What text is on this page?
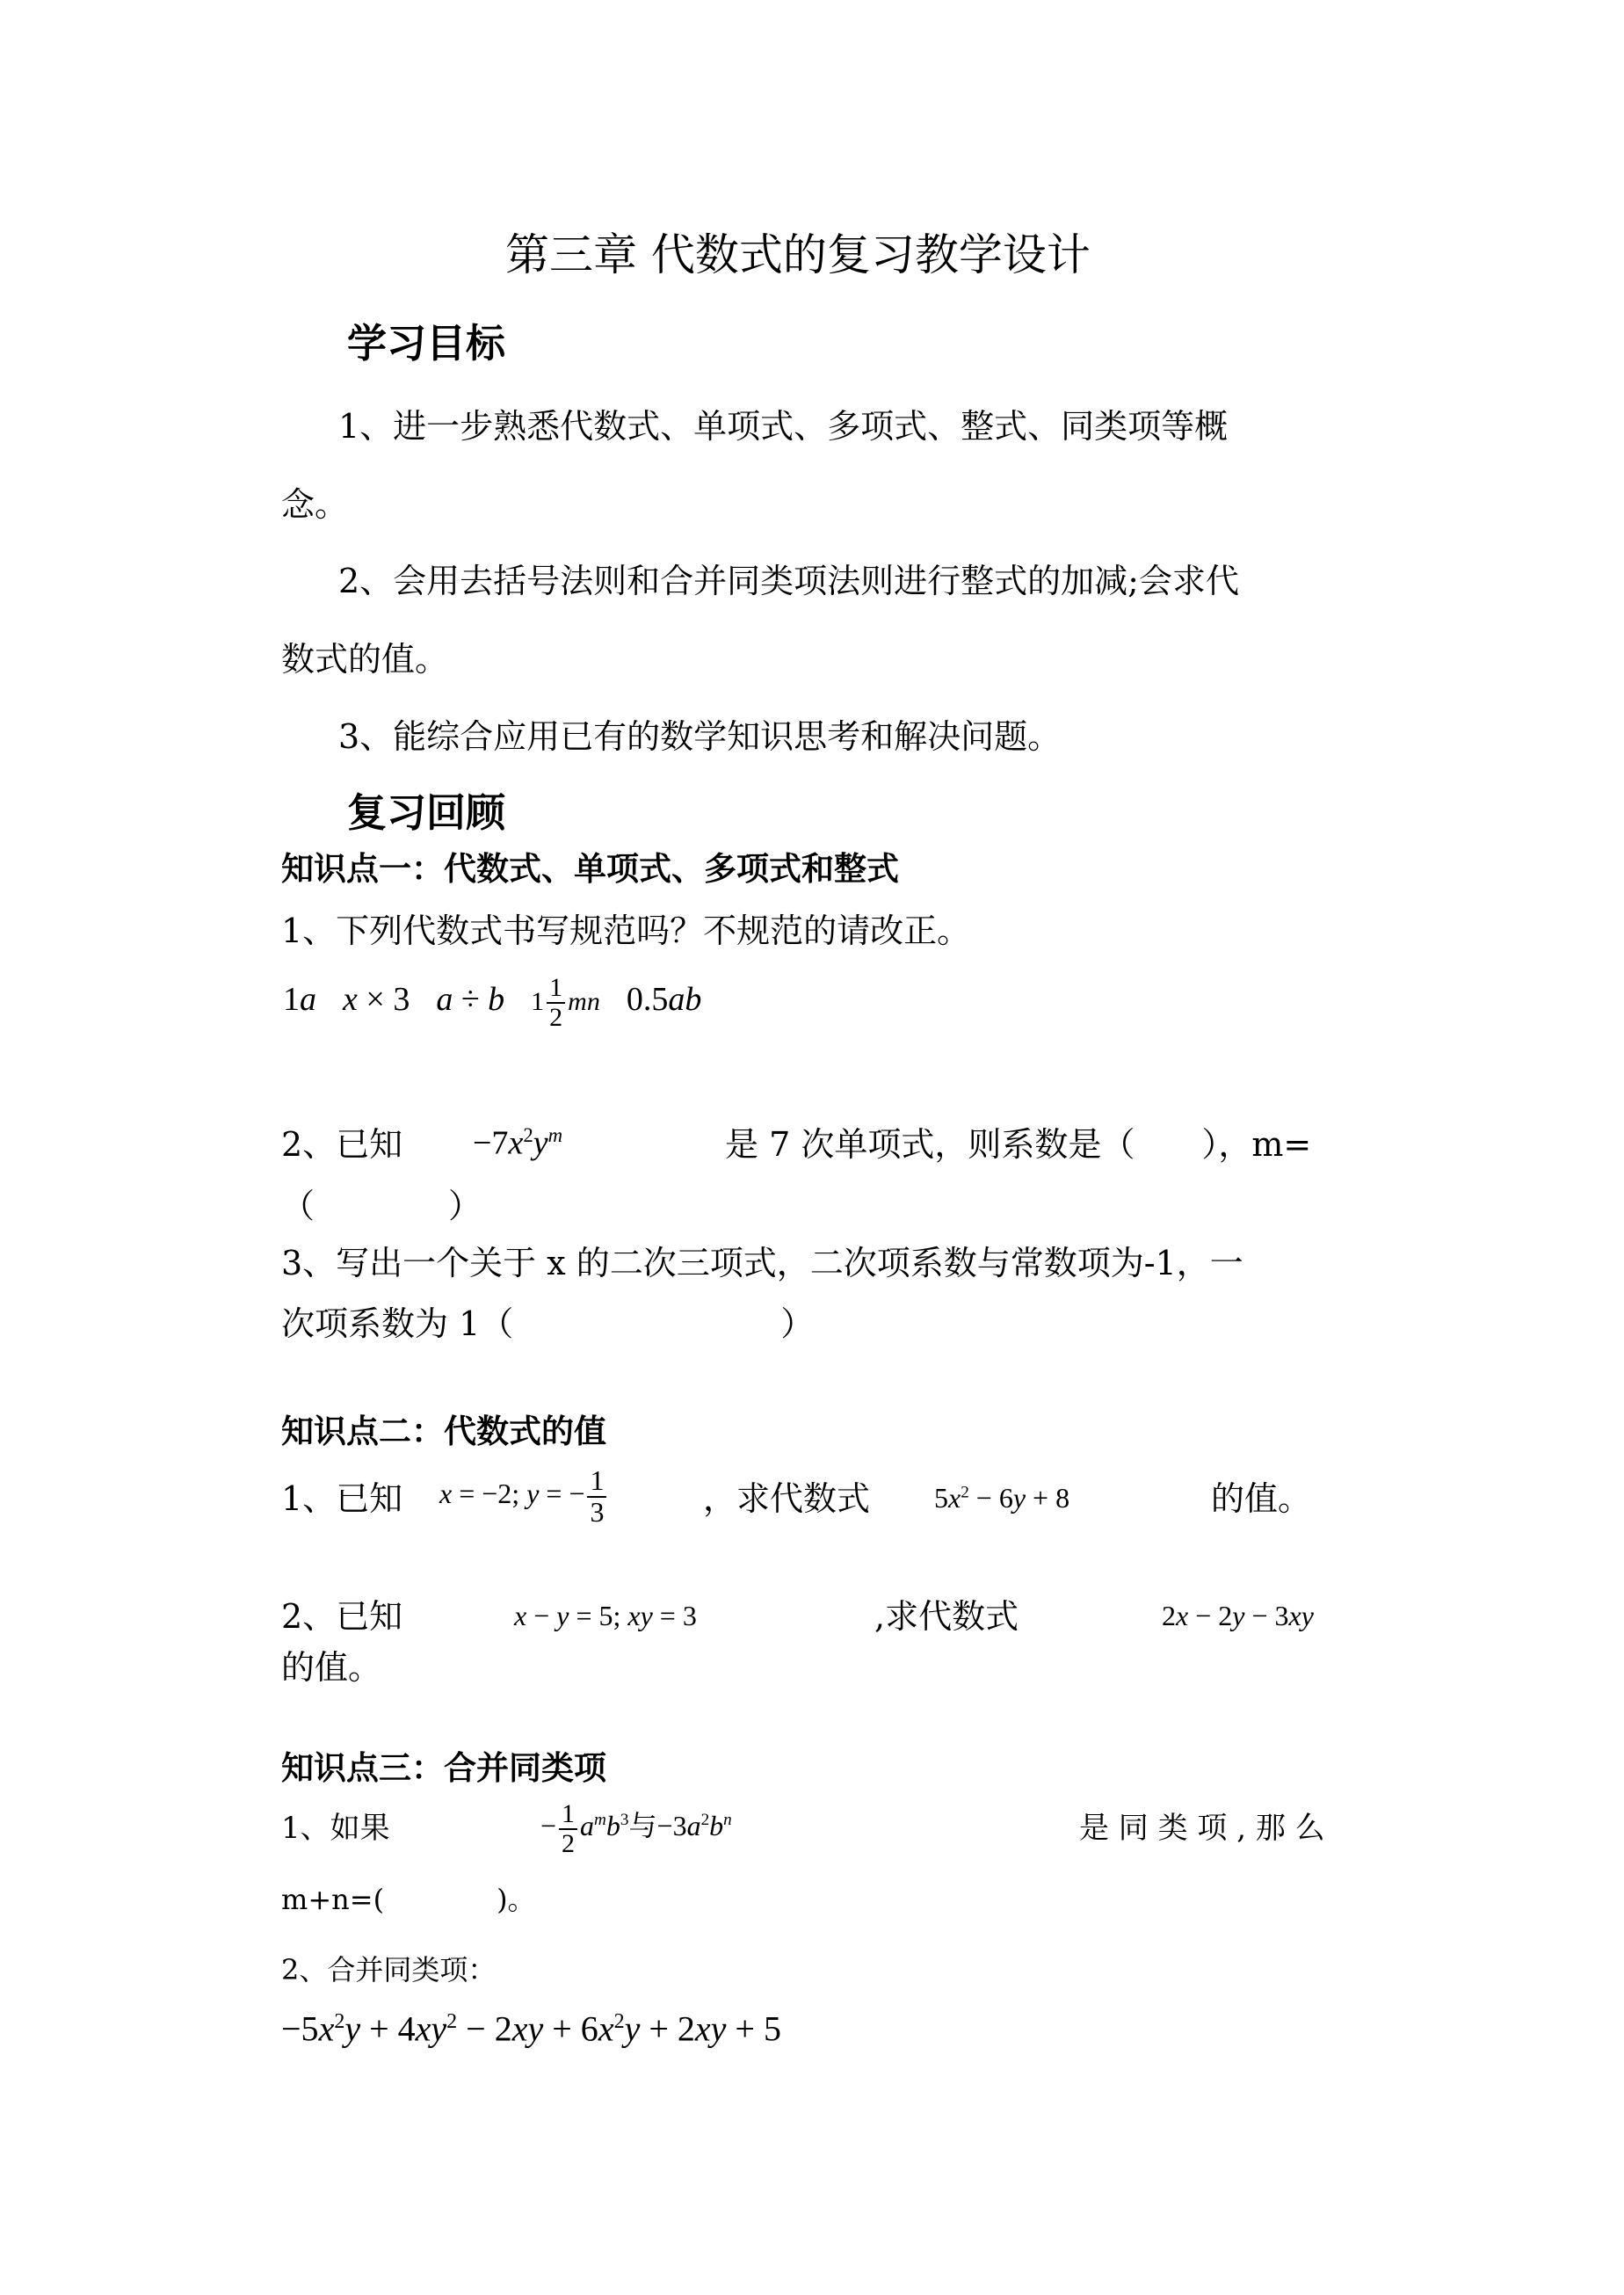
第三章 代数式的复习教学设计
学习目标
1、进一步熟悉代数式、单项式、多项式、整式、同类项等概
念。
2、会用去括号法则和合并同类项法则进行整式的加减;会求代
数式的值。
3、能综合应用已有的数学知识思考和解决问题。
复习回顾
知识点一：代数式、单项式、多项式和整式
1、下列代数式书写规范吗？不规范的请改正。
1a x × 3 a ÷ b $1 \frac{1}{2}$ mn 0.5ab
2、已知 $-7x^2y^m$	是 7 次单项式，则系数是（　　），m=
（　　　　）
3、写出一个关于 x 的二次三项式，二次项系数与常数项为-1，一
次项系数为 1（　　　　　　　　）
知识点二：代数式的值
1、已知 x = −2; y = − $\frac{1}{3}$	，求代数式 $5x^2 - 6y + 8$	的值。
2、已知	x − y = 5; xy = 3	,求代数式	2x − 2y − 3xy
的值。
知识点三：合并同类项
1、如果	− $\frac{1}{2} a^mb^3$与$-3a^2b^n$	是 同 类 项 , 那 么
m+n=(　　　　)。
2、合并同类项：
$-5x^2y + 4xy^2 - 2xy + 6x^2y + 2xy + 5$
